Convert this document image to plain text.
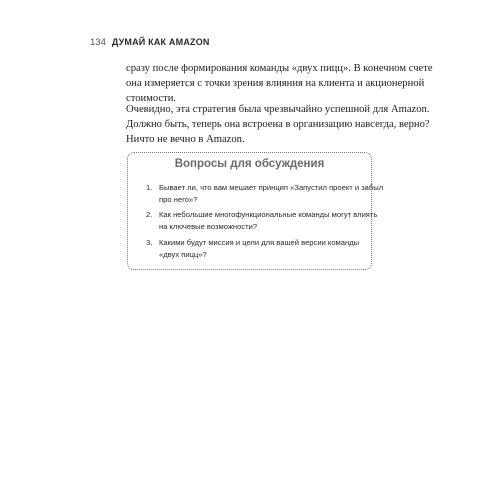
134 ДУМАЙ КАК AMAZON

сразу после формирования команды «двух пицц». В конечном счете
она измеряется с точки зрения влияния на клиента и акционерной
стоимости.

Очевидно, эта стратегия была чрезвычайно успешной для Amazon.
Должно быть, теперь она встроена в организацию навсегда, верно?
Ничто не вечно в Amazon.

Вопросы для обсуждения
1. Бывает ли, что вам мешает принцип «Запустил проект и забыл
про него»?
2. Как небольшие многофункциональные команды могут влиять
на ключевые возможности?
3. Какими будут миссия и цели для вашей версии команды
«двух пицц»?
